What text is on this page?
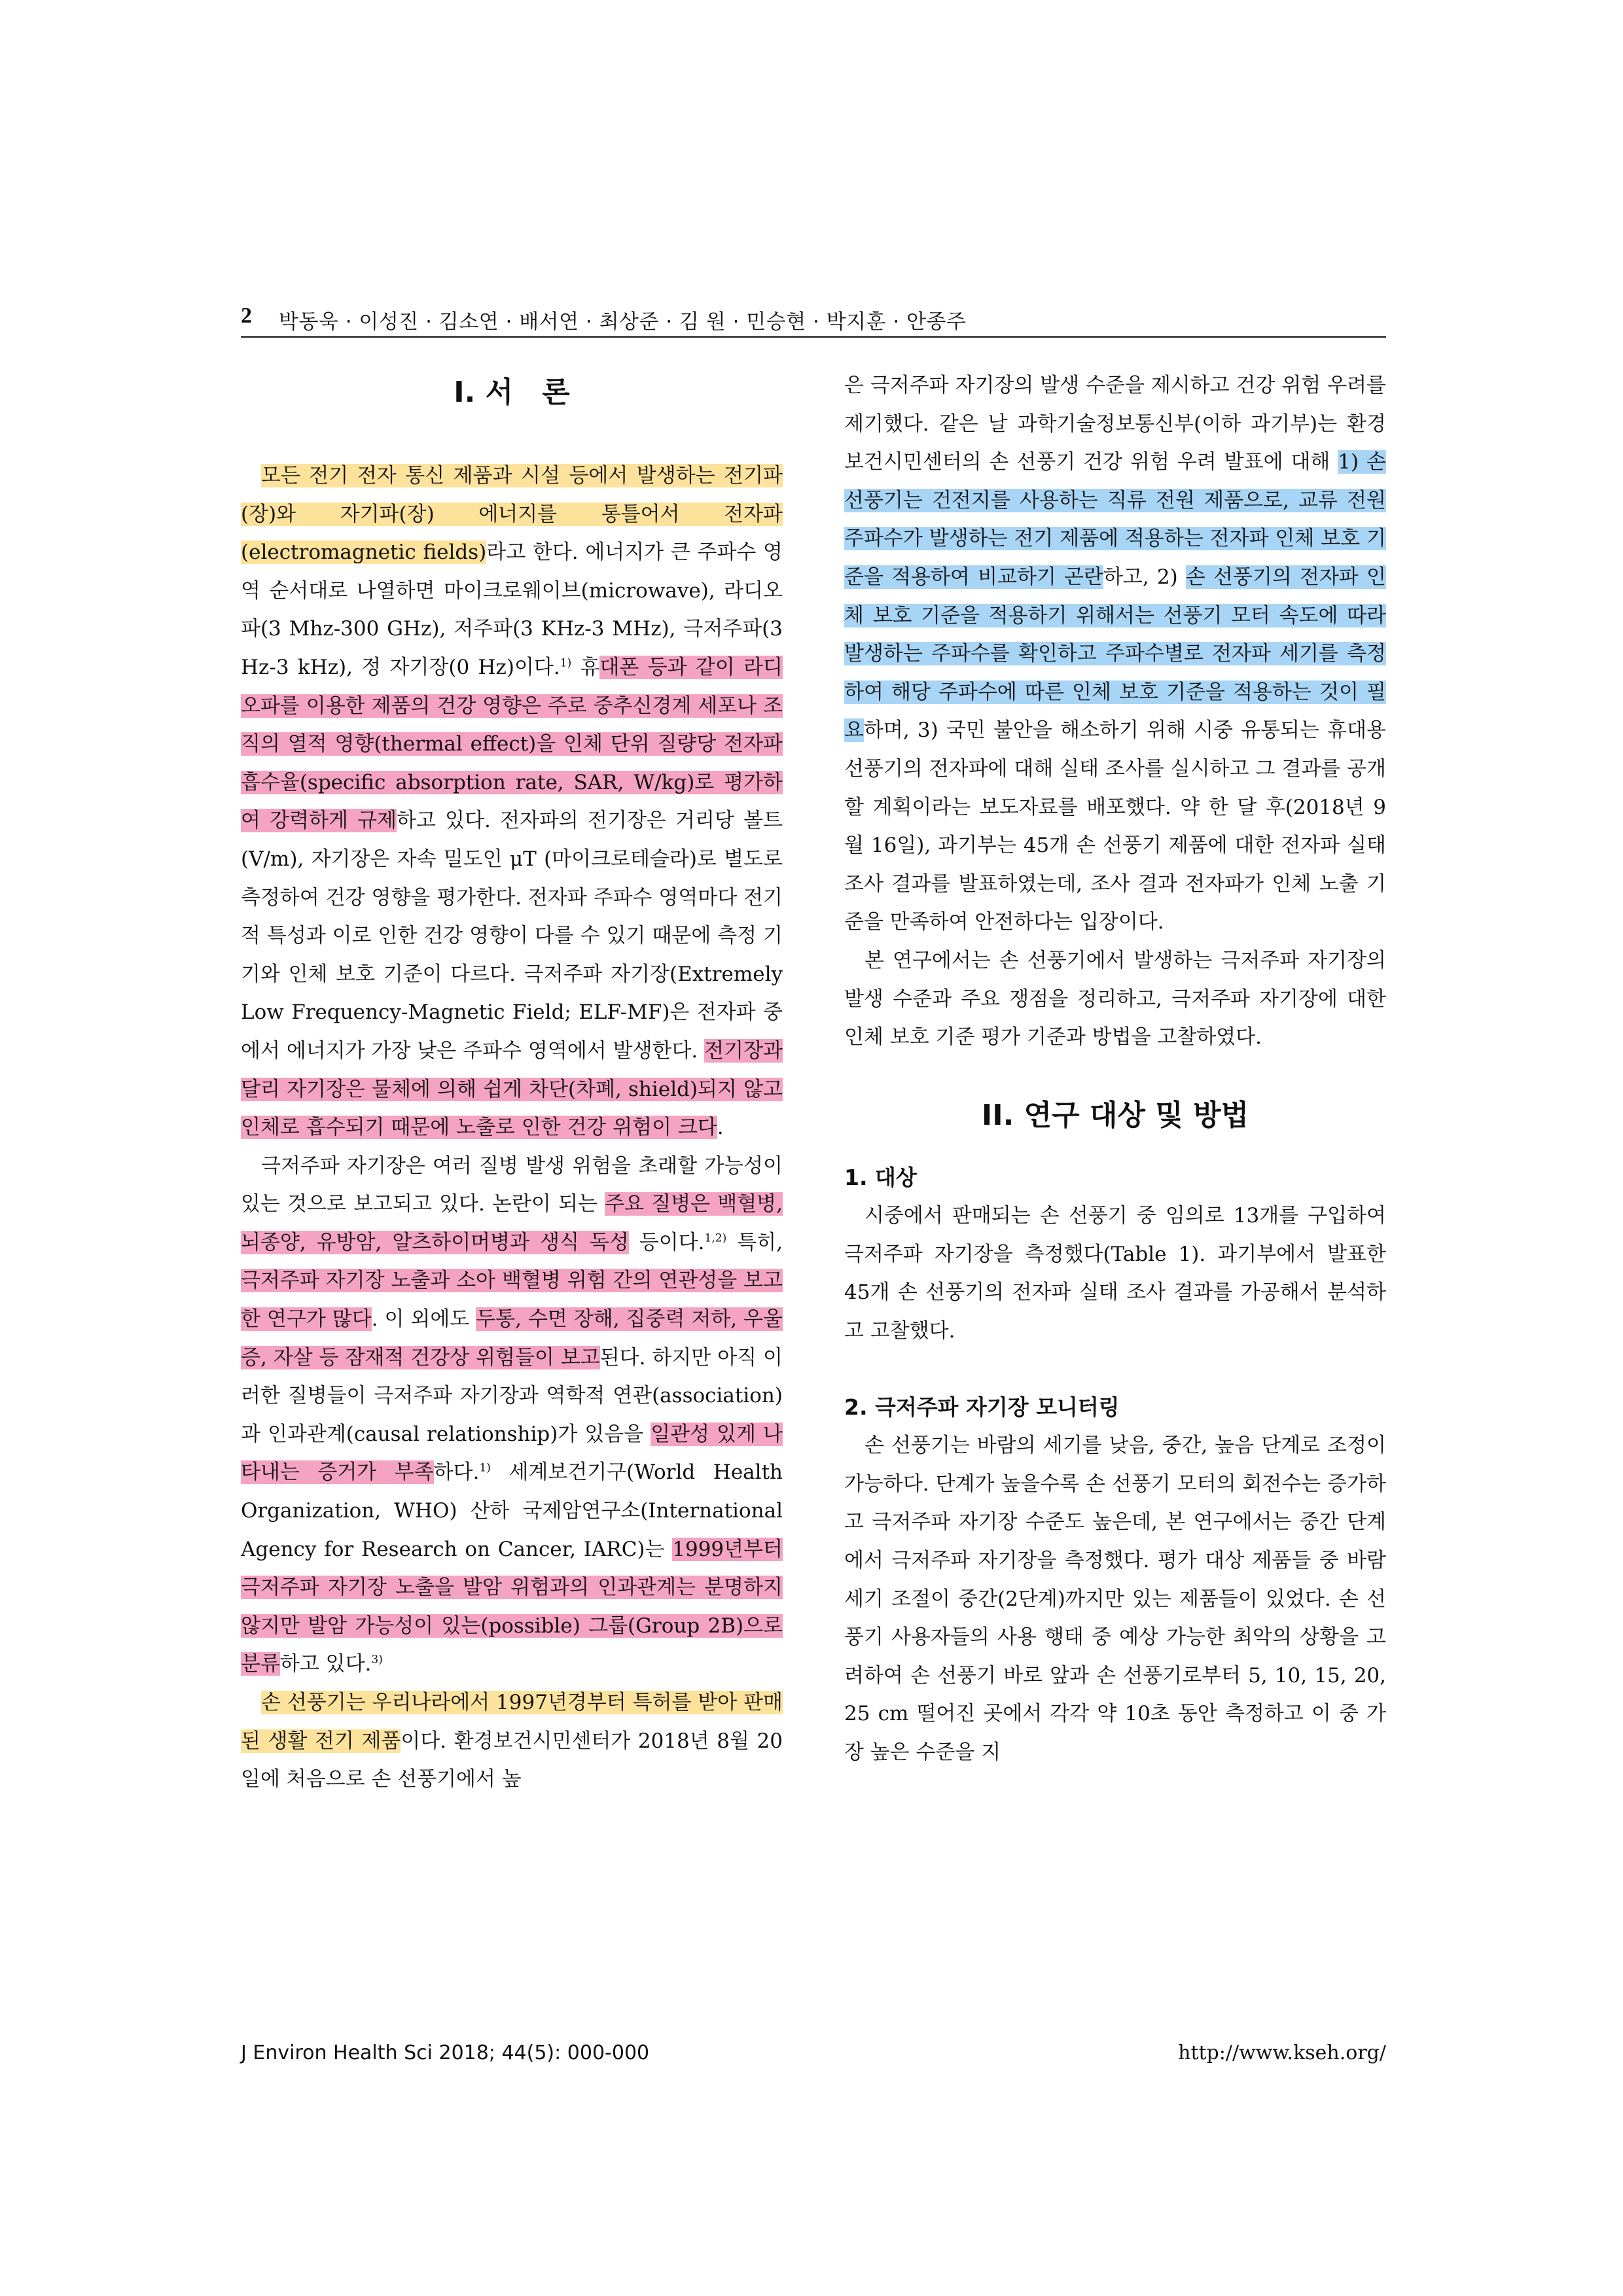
2 박동욱 · 이성진 · 김소연 · 배서연 · 최상준 · 김 원 · 민승현 · 박지훈 · 안종주
I. 서　론

모든 전기 전자 통신 제품과 시설 등에서 발생하는 전기파(장)와 자기파(장) 에너지를 통틀어서 전자파(electromagnetic fields)라고 한다. 에너지가 큰 주파수 영역 순서대로 나열하면 마이크로웨이브(microwave), 라디오파(3 Mhz-300 GHz), 저주파(3 KHz-3 MHz), 극저주파(3 Hz-3 kHz), 정 자기장(0 Hz)이다.$^{1)}$ 휴대폰 등과 같이 라디오파를 이용한 제품의 건강 영향은 주로 중추신경계 세포나 조직의 열적 영향(thermal effect)을 인체 단위 질량당 전자파 흡수율(specific absorption rate, SAR, W/kg)로 평가하여 강력하게 규제하고 있다. 전자파의 전기장은 거리당 볼트(V/m), 자기장은 자속 밀도인 μT (마이크로테슬라)로 별도로 측정하여 건강 영향을 평가한다. 전자파 주파수 영역마다 전기적 특성과 이로 인한 건강 영향이 다를 수 있기 때문에 측정 기기와 인체 보호 기준이 다르다. 극저주파 자기장(Extremely Low Frequency-Magnetic Field; ELF-MF)은 전자파 중에서 에너지가 가장 낮은 주파수 영역에서 발생한다. 전기장과 달리 자기장은 물체에 의해 쉽게 차단(차폐, shield)되지 않고 인체로 흡수되기 때문에 노출로 인한 건강 위험이 크다.

극저주파 자기장은 여러 질병 발생 위험을 초래할 가능성이 있는 것으로 보고되고 있다. 논란이 되는 주요 질병은 백혈병, 뇌종양, 유방암, 알츠하이머병과 생식 독성 등이다.$^{1,2)}$ 특히, 극저주파 자기장 노출과 소아 백혈병 위험 간의 연관성을 보고한 연구가 많다. 이 외에도 두통, 수면 장해, 집중력 저하, 우울증, 자살 등 잠재적 건강상 위험들이 보고된다. 하지만 아직 이러한 질병들이 극저주파 자기장과 역학적 연관(association)과 인과관계(causal relationship)가 있음을 일관성 있게 나타내는 증거가 부족하다.$^{1)}$ 세계보건기구(World Health Organization, WHO) 산하 국제암연구소(International Agency for Research on Cancer, IARC)는 1999년부터 극저주파 자기장 노출을 발암 위험과의 인과관계는 분명하지 않지만 발암 가능성이 있는(possible) 그룹(Group 2B)으로 분류하고 있다.$^{3)}$

손 선풍기는 우리나라에서 1997년경부터 특허를 받아 판매된 생활 전기 제품이다. 환경보건시민센터가 2018년 8월 20일에 처음으로 손 선풍기에서 높

은 극저주파 자기장의 발생 수준을 제시하고 건강 위험 우려를 제기했다. 같은 날 과학기술정보통신부(이하 과기부)는 환경보건시민센터의 손 선풍기 건강 위험 우려 발표에 대해 1) 손 선풍기는 건전지를 사용하는 직류 전원 제품으로, 교류 전원 주파수가 발생하는 전기 제품에 적용하는 전자파 인체 보호 기준을 적용하여 비교하기 곤란하고, 2) 손 선풍기의 전자파 인체 보호 기준을 적용하기 위해서는 선풍기 모터 속도에 따라 발생하는 주파수를 확인하고 주파수별로 전자파 세기를 측정하여 해당 주파수에 따른 인체 보호 기준을 적용하는 것이 필요하며, 3) 국민 불안을 해소하기 위해 시중 유통되는 휴대용 선풍기의 전자파에 대해 실태 조사를 실시하고 그 결과를 공개할 계획이라는 보도자료를 배포했다. 약 한 달 후(2018년 9월 16일), 과기부는 45개 손 선풍기 제품에 대한 전자파 실태 조사 결과를 발표하였는데, 조사 결과 전자파가 인체 노출 기준을 만족하여 안전하다는 입장이다.

본 연구에서는 손 선풍기에서 발생하는 극저주파 자기장의 발생 수준과 주요 쟁점을 정리하고, 극저주파 자기장에 대한 인체 보호 기준 평가 기준과 방법을 고찰하였다.

II. 연구 대상 및 방법
1. 대상

시중에서 판매되는 손 선풍기 중 임의로 13개를 구입하여 극저주파 자기장을 측정했다(Table 1). 과기부에서 발표한 45개 손 선풍기의 전자파 실태 조사 결과를 가공해서 분석하고 고찰했다.

2. 극저주파 자기장 모니터링

손 선풍기는 바람의 세기를 낮음, 중간, 높음 단계로 조정이 가능하다. 단계가 높을수록 손 선풍기 모터의 회전수는 증가하고 극저주파 자기장 수준도 높은데, 본 연구에서는 중간 단계에서 극저주파 자기장을 측정했다. 평가 대상 제품들 중 바람 세기 조절이 중간(2단계)까지만 있는 제품들이 있었다. 손 선풍기 사용자들의 사용 행태 중 예상 가능한 최악의 상황을 고려하여 손 선풍기 바로 앞과 손 선풍기로부터 5, 10, 15, 20, 25 cm 떨어진 곳에서 각각 약 10초 동안 측정하고 이 중 가장 높은 수준을 지

J Environ Health Sci 2018; 44(5): 000-000	http://www.kseh.org/
